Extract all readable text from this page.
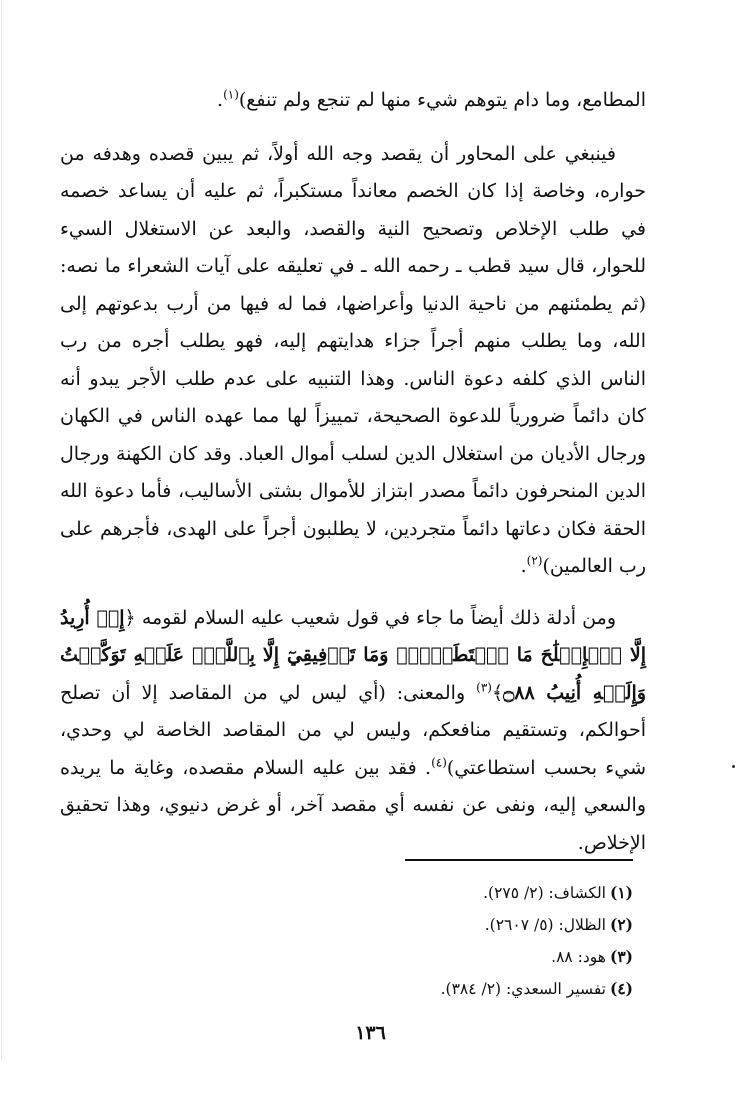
المطامع، وما دام يتوهم شيء منها لم تنجع ولم تنفع)$^{(١)}$.

فينبغي على المحاور أن يقصد وجه الله أولاً، ثم يبين قصده وهدفه من حواره، وخاصة إذا كان الخصم معانداً مستكبراً، ثم عليه أن يساعد خصمه في طلب الإخلاص وتصحيح النية والقصد، والبعد عن الاستغلال السيء للحوار، قال سيد قطب ـ رحمه الله ـ في تعليقه على آيات الشعراء ما نصه: (ثم يطمئنهم من ناحية الدنيا وأعراضها، فما له فيها من أرب بدعوتهم إلى الله، وما يطلب منهم أجراً جزاء هدايتهم إليه، فهو يطلب أجره من رب الناس الذي كلفه دعوة الناس. وهذا التنبيه على عدم طلب الأجر يبدو أنه كان دائماً ضرورياً للدعوة الصحيحة، تمييزاً لها مما عهده الناس في الكهان ورجال الأديان من استغلال الدين لسلب أموال العباد. وقد كان الكهنة ورجال الدين المنحرفون دائماً مصدر ابتزاز للأموال بشتى الأساليب، فأما دعوة الله الحقة فكان دعاتها دائماً متجردين، لا يطلبون أجراً على الهدى، فأجرهم على رب العالمين)$^{(٢)}$.

ومن أدلة ذلك أيضاً ما جاء في قول شعيب عليه السلام لقومه ﴿إِنۡ أُرِيدُ إِلَّا ٱلۡإِصۡلَٰحَ مَا ٱسۡتَطَعۡتُۚ وَمَا تَوۡفِيقِيٓ إِلَّا بِٱللَّهِۚ عَلَيۡهِ تَوَكَّلۡتُ وَإِلَيۡهِ أُنِيبُ ۝٨٨﴾$^{(٣)}$ والمعنى: (أي ليس لي من المقاصد إلا أن تصلح أحوالكم، وتستقيم منافعكم، وليس لي من المقاصد الخاصة لي وحدي، شيء بحسب استطاعتي)$^{(٤)}$. فقد بين عليه السلام مقصده، وغاية ما يريده والسعي إليه، ونفى عن نفسه أي مقصد آخر، أو غرض دنيوي، وهذا تحقيق الإخلاص.

(١)الكشاف: (٢/ ٢٧٥).
(٢)الظلال: (٥/ ٢٦٠٧).
(٣)هود: ٨٨.
(٤)تفسير السعدي: (٢/ ٣٨٤).
١٣٦
